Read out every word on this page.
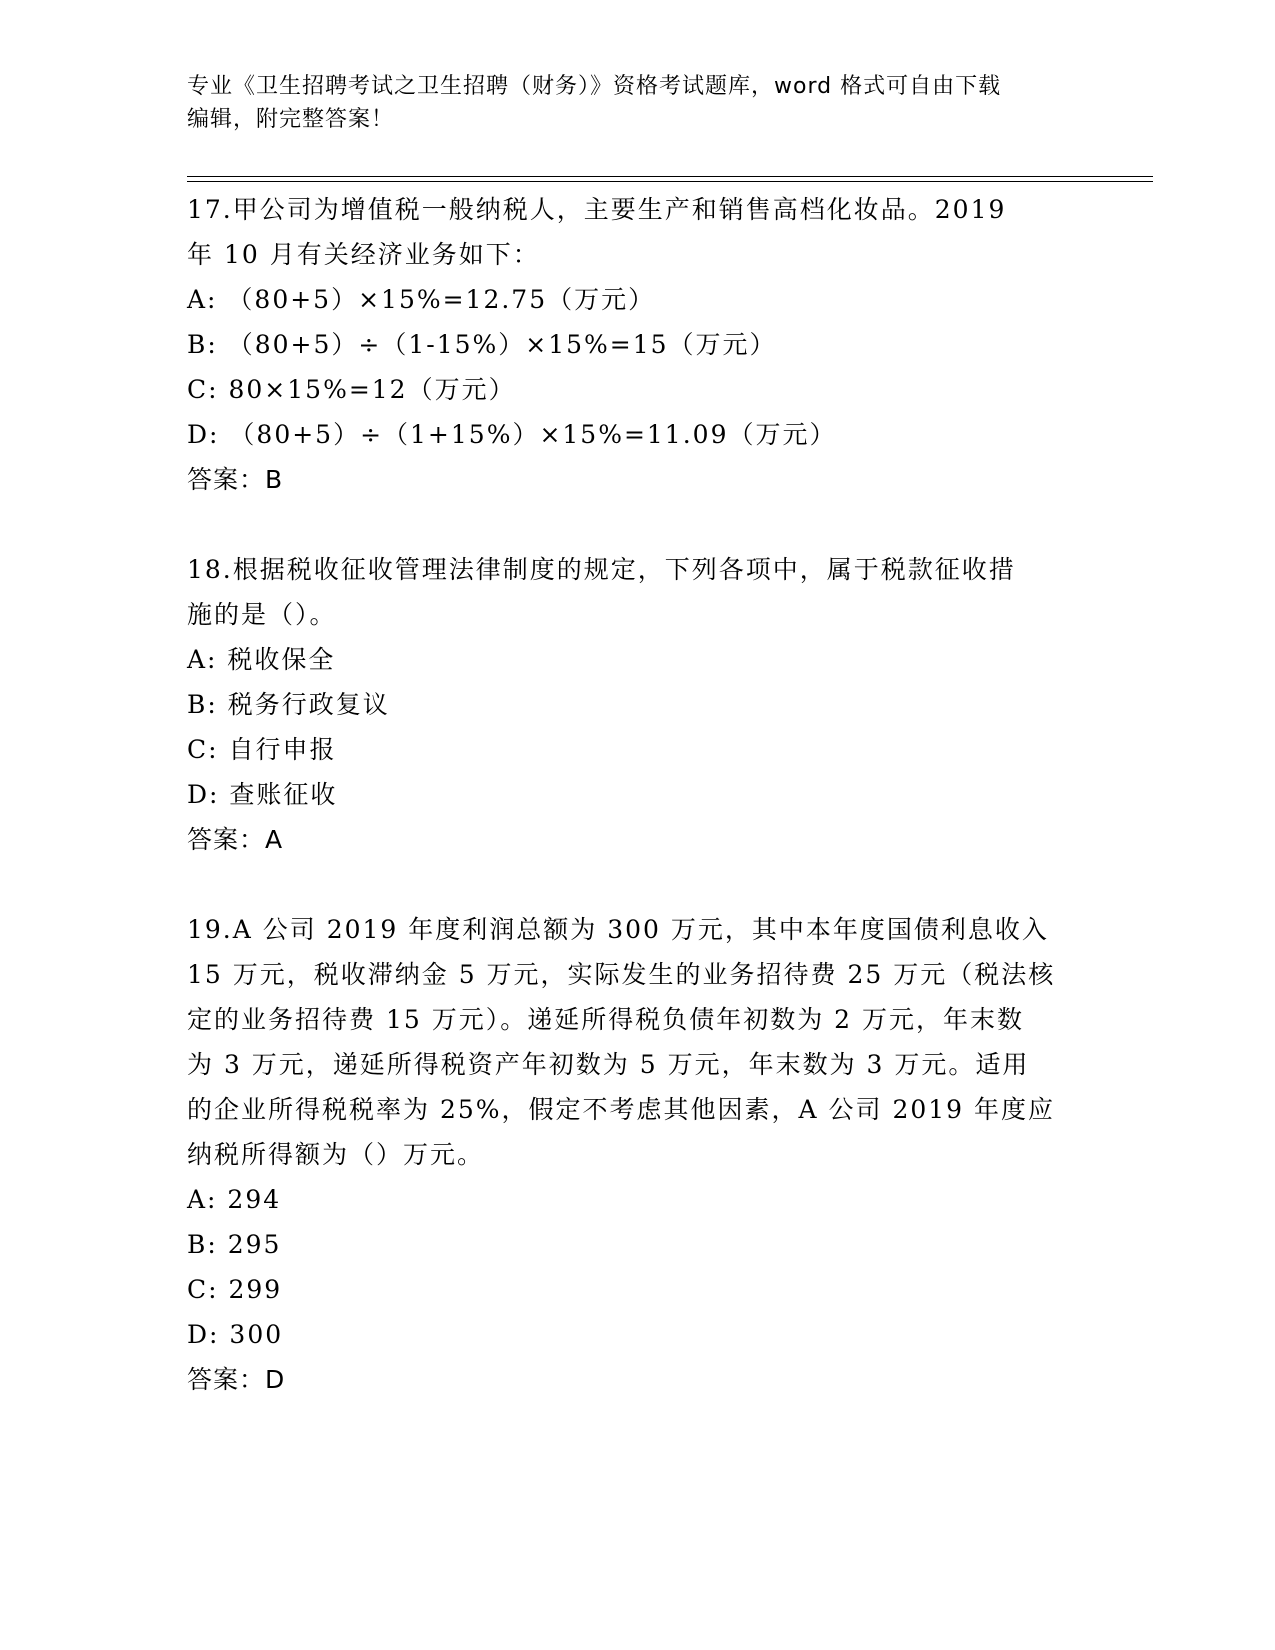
专业《卫生招聘考试之卫生招聘（财务）》资格考试题库，word 格式可自由下载
编辑，附完整答案！
17.甲公司为增值税一般纳税人，主要生产和销售高档化妆品。2019
年 10 月有关经济业务如下：
A: （80+5）×15%=12.75（万元）
B: （80+5）÷（1-15%）×15%=15（万元）
C: 80×15%=12（万元）
D: （80+5）÷（1+15%）×15%=11.09（万元）
答案：B
18.根据税收征收管理法律制度的规定，下列各项中，属于税款征收措
施的是（）。
A: 税收保全
B: 税务行政复议
C: 自行申报
D: 查账征收
答案：A
19.A 公司 2019 年度利润总额为 300 万元，其中本年度国债利息收入
15 万元，税收滞纳金 5 万元，实际发生的业务招待费 25 万元（税法核
定的业务招待费 15 万元）。递延所得税负债年初数为 2 万元，年末数
为 3 万元，递延所得税资产年初数为 5 万元，年末数为 3 万元。适用
的企业所得税税率为 25%，假定不考虑其他因素，A 公司 2019 年度应
纳税所得额为（）万元。
A: 294
B: 295
C: 299
D: 300
答案：D
